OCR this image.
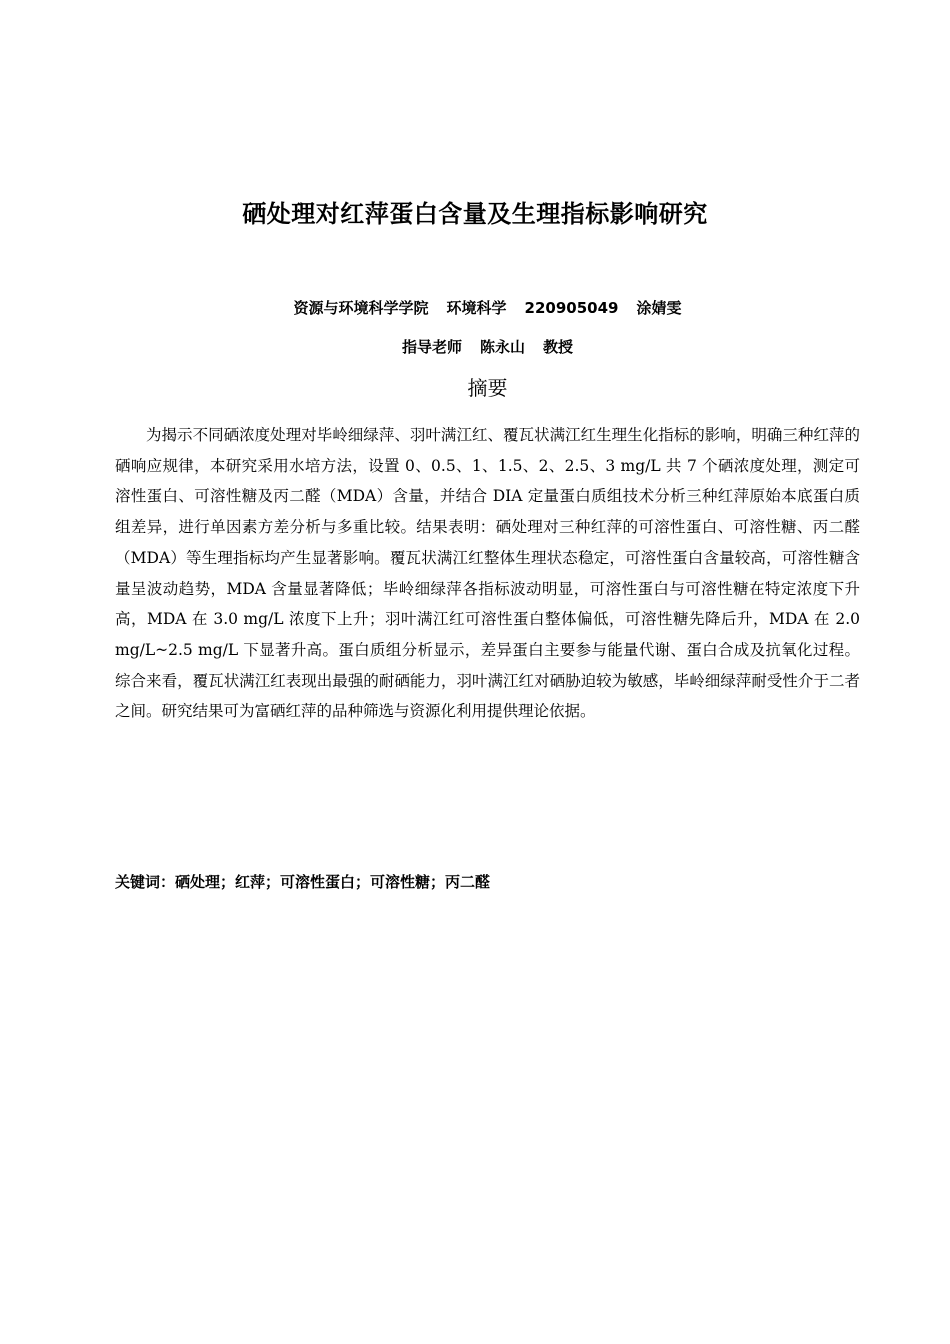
硒处理对红萍蛋白含量及生理指标影响研究
资源与环境科学学院 环境科学 220905049 涂婧雯
指导老师 陈永山 教授
摘要

为揭示不同硒浓度处理对毕岭细绿萍、羽叶满江红、覆瓦状满江红生理生化指标的影响，明确三种红萍的硒响应规律，本研究采用水培方法，设置 0、0.5、1、1.5、2、2.5、3 mg/L 共 7 个硒浓度处理，测定可溶性蛋白、可溶性糖及丙二醛（MDA）含量，并结合 DIA 定量蛋白质组技术分析三种红萍原始本底蛋白质组差异，进行单因素方差分析与多重比较。结果表明：硒处理对三种红萍的可溶性蛋白、可溶性糖、丙二醛（MDA）等生理指标均产生显著影响。覆瓦状满江红整体生理状态稳定，可溶性蛋白含量较高，可溶性糖含量呈波动趋势，MDA 含量显著降低；毕岭细绿萍各指标波动明显，可溶性蛋白与可溶性糖在特定浓度下升高，MDA 在 3.0 mg/L 浓度下上升；羽叶满江红可溶性蛋白整体偏低，可溶性糖先降后升，MDA 在 2.0 mg/L~2.5 mg/L 下显著升高。蛋白质组分析显示，差异蛋白主要参与能量代谢、蛋白合成及抗氧化过程。综合来看，覆瓦状满江红表现出最强的耐硒能力，羽叶满江红对硒胁迫较为敏感，毕岭细绿萍耐受性介于二者之间。研究结果可为富硒红萍的品种筛选与资源化利用提供理论依据。

关键词：硒处理；红萍；可溶性蛋白；可溶性糖；丙二醛
